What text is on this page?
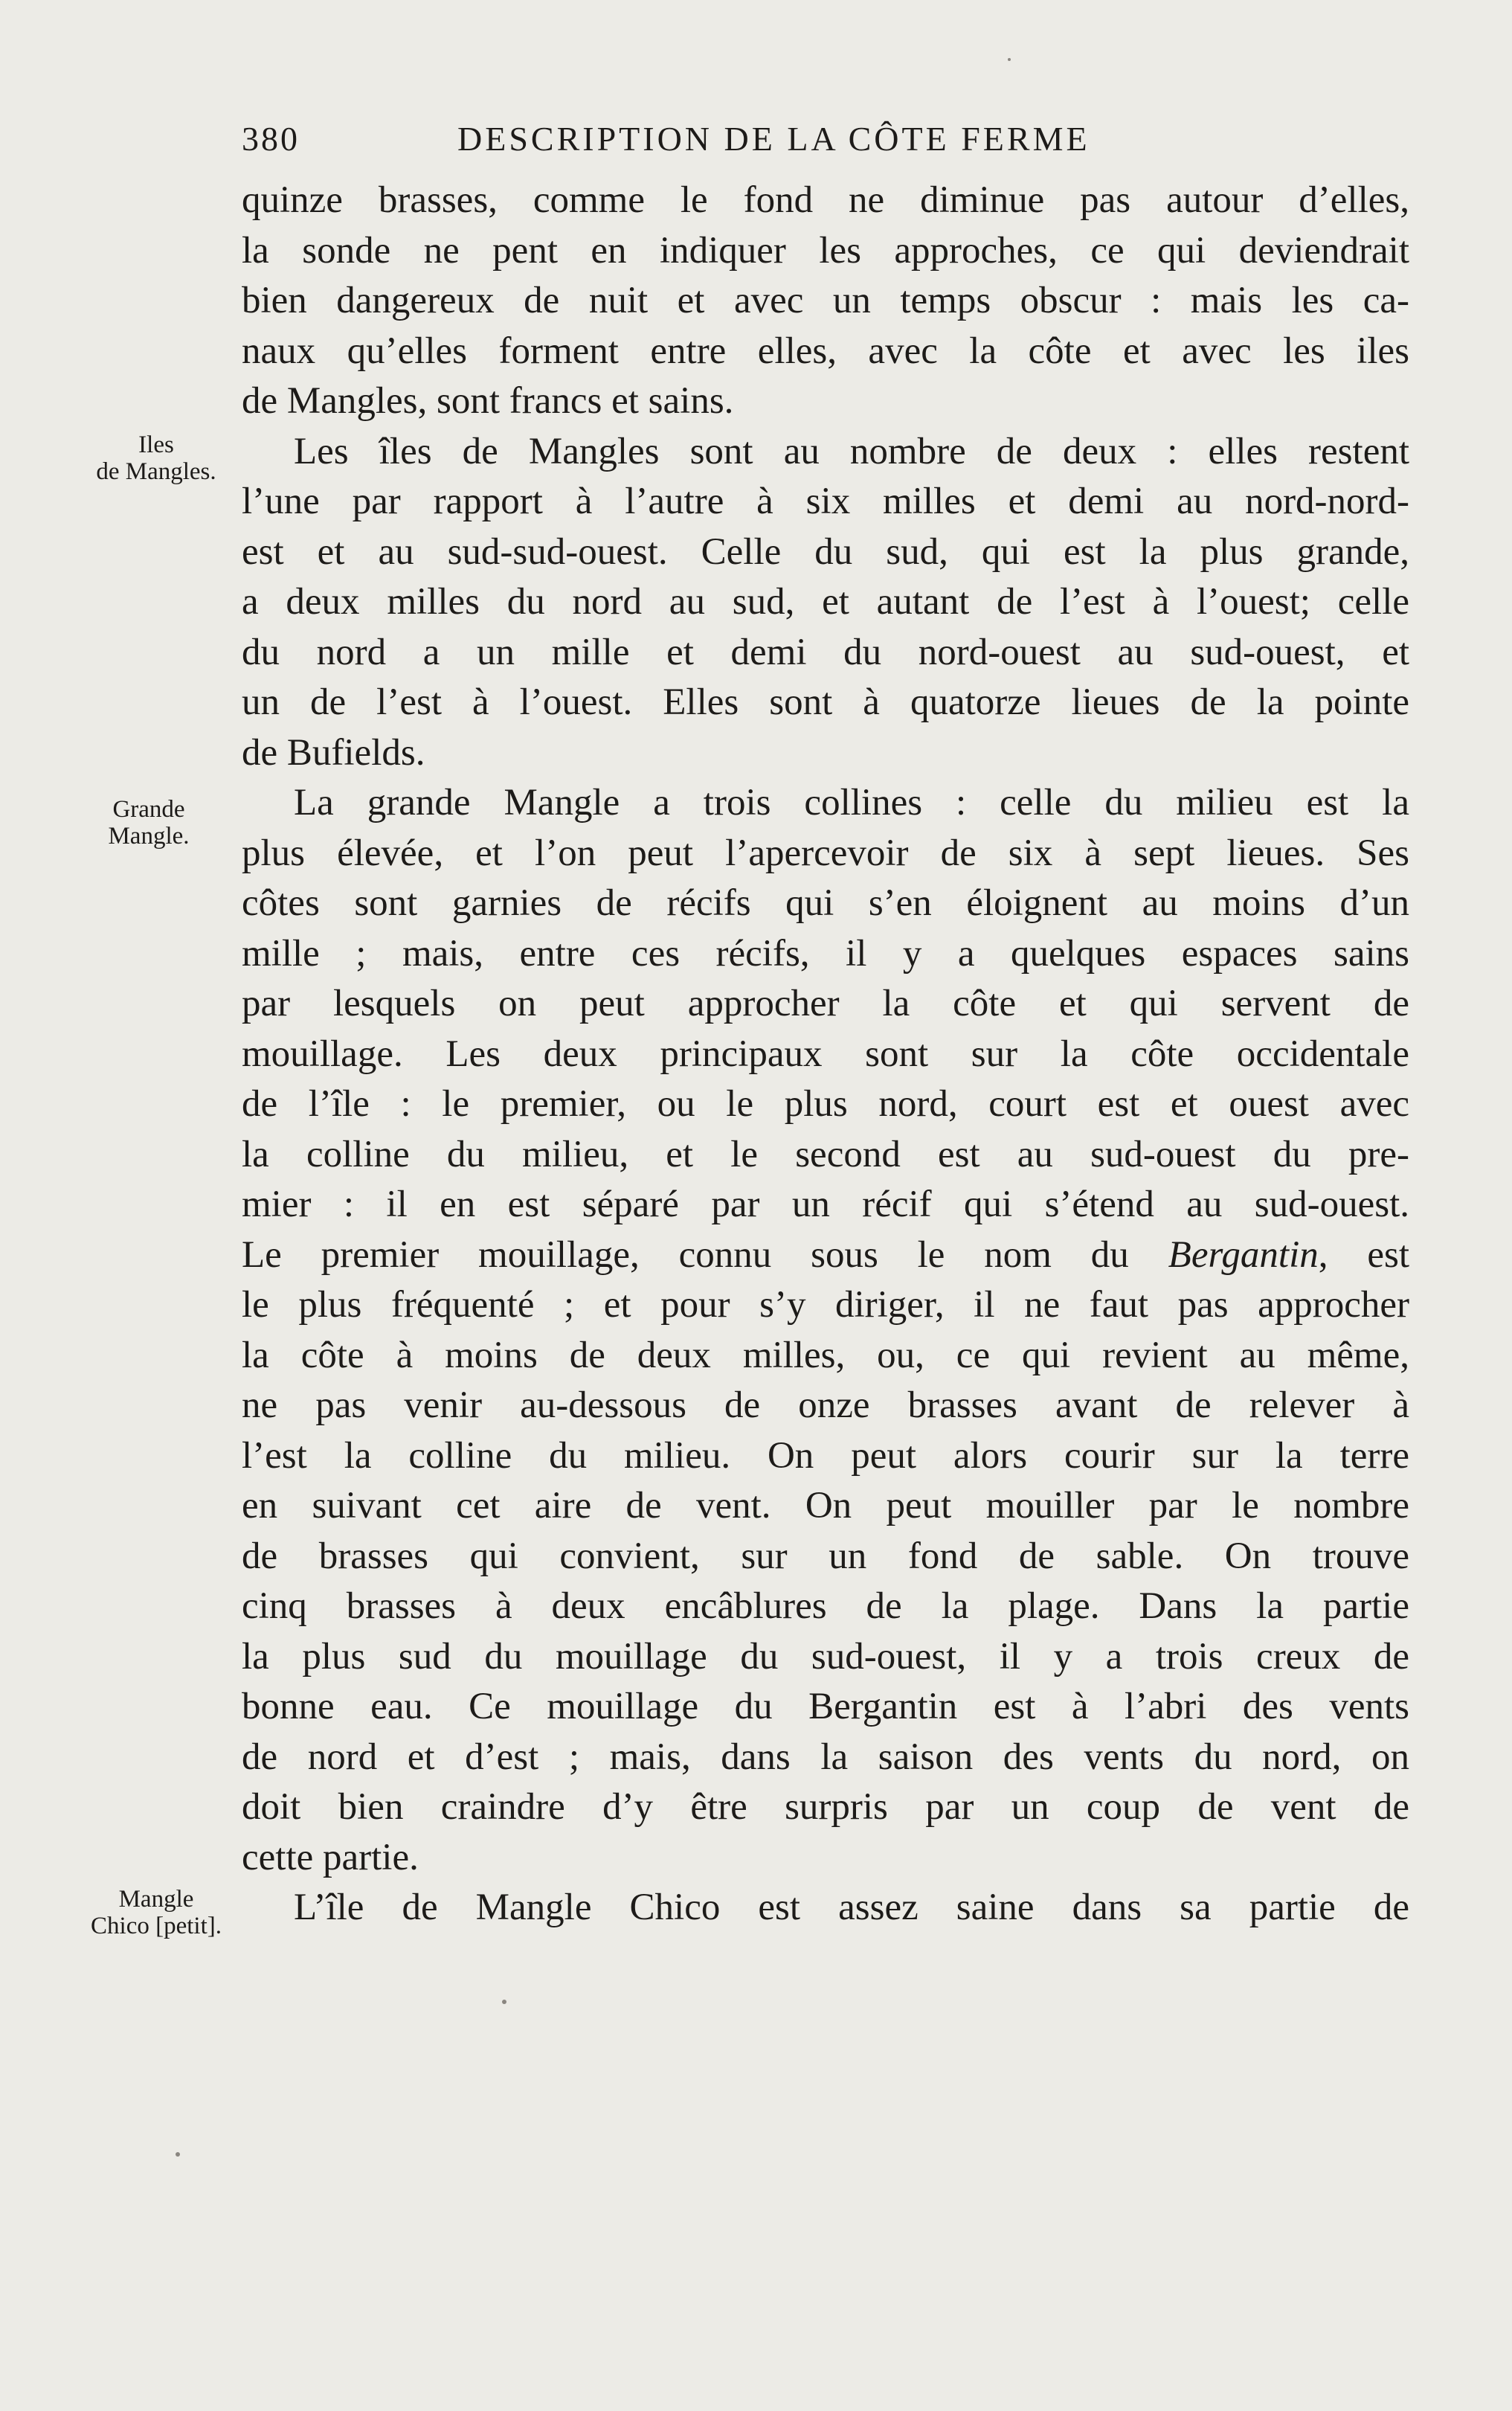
380	DESCRIPTION DE LA CÔTE FERME
Iles
de Mangles.
Grande
Mangle.
Mangle
Chico [petit].
quinze brasses, comme le fond ne diminue pas autour d’elles,
la sonde ne pent en indiquer les approches, ce qui deviendrait
bien dangereux de nuit et avec un temps obscur : mais les ca-
naux qu’elles forment entre elles, avec la côte et avec les iles
de Mangles, sont francs et sains.
Les îles de Mangles sont au nombre de deux : elles restent
l’une par rapport à l’autre à six milles et demi au nord-nord-
est et au sud-sud-ouest. Celle du sud, qui est la plus grande,
a deux milles du nord au sud, et autant de l’est à l’ouest; celle
du nord a un mille et demi du nord-ouest au sud-ouest, et
un de l’est à l’ouest. Elles sont à quatorze lieues de la pointe
de Bufields.
La grande Mangle a trois collines : celle du milieu est la
plus élevée, et l’on peut l’apercevoir de six à sept lieues. Ses
côtes sont garnies de récifs qui s’en éloignent au moins d’un
mille ; mais, entre ces récifs, il y a quelques espaces sains
par lesquels on peut approcher la côte et qui servent de
mouillage. Les deux principaux sont sur la côte occidentale
de l’île : le premier, ou le plus nord, court est et ouest avec
la colline du milieu, et le second est au sud-ouest du pre-
mier : il en est séparé par un récif qui s’étend au sud-ouest.
Le premier mouillage, connu sous le nom du Bergantin, est
le plus fréquenté ; et pour s’y diriger, il ne faut pas approcher
la côte à moins de deux milles, ou, ce qui revient au même,
ne pas venir au-dessous de onze brasses avant de relever à
l’est la colline du milieu. On peut alors courir sur la terre
en suivant cet aire de vent. On peut mouiller par le nombre
de brasses qui convient, sur un fond de sable. On trouve
cinq brasses à deux encâblures de la plage. Dans la partie
la plus sud du mouillage du sud-ouest, il y a trois creux de
bonne eau. Ce mouillage du Bergantin est à l’abri des vents
de nord et d’est ; mais, dans la saison des vents du nord, on
doit bien craindre d’y être surpris par un coup de vent de
cette partie.
L’île de Mangle Chico est assez saine dans sa partie de
